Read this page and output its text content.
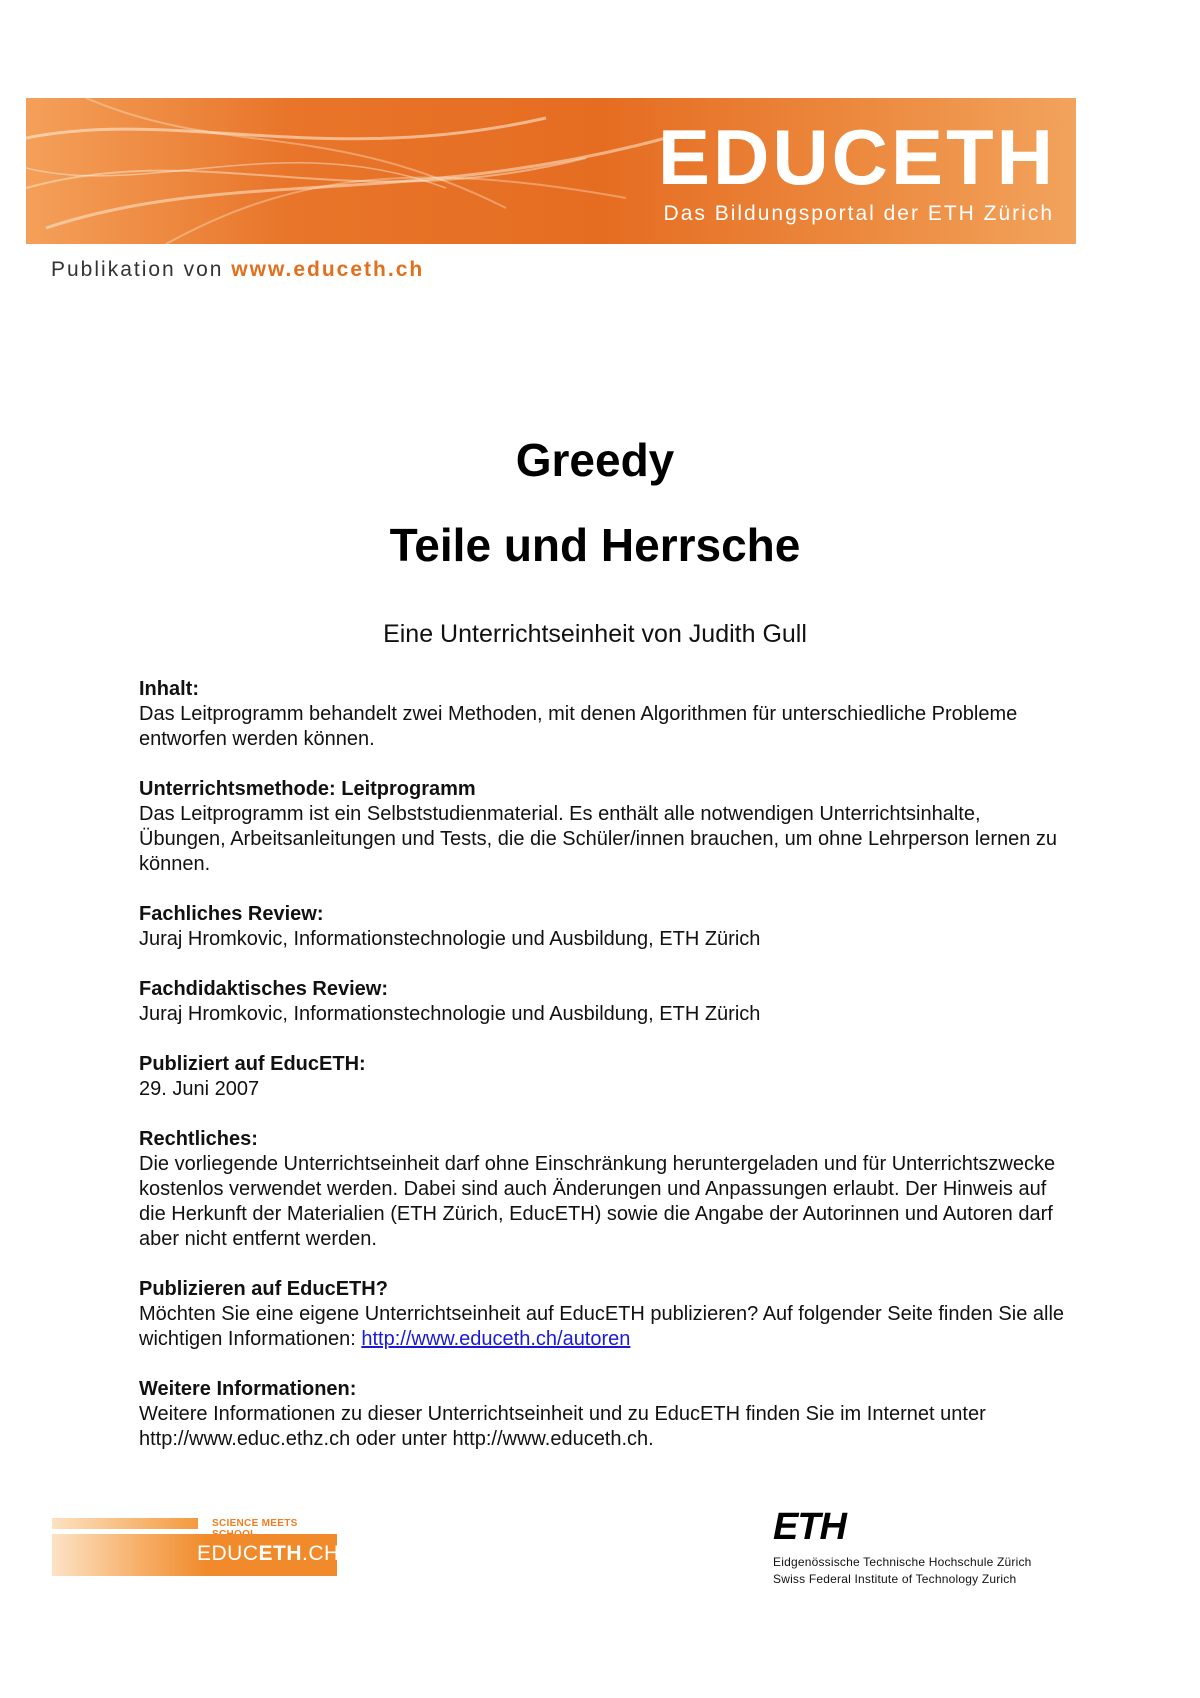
EDUCETH
Das Bildungsportal der ETH Zürich
Publikation von www.educeth.ch
Greedy
Teile und Herrsche
Eine Unterrichtseinheit von Judith Gull
Inhalt:

Das Leitprogramm behandelt zwei Methoden, mit denen Algorithmen für unterschiedliche Probleme entworfen werden können.

Unterrichtsmethode: Leitprogramm

Das Leitprogramm ist ein Selbststudienmaterial. Es enthält alle notwendigen Unterrichtsinhalte, Übungen, Arbeitsanleitungen und Tests, die die Schüler/innen brauchen, um ohne Lehrperson lernen zu können.

Fachliches Review:

Juraj Hromkovic, Informationstechnologie und Ausbildung, ETH Zürich

Fachdidaktisches Review:

Juraj Hromkovic, Informationstechnologie und Ausbildung, ETH Zürich

Publiziert auf EducETH:

29. Juni 2007

Rechtliches:

Die vorliegende Unterrichtseinheit darf ohne Einschränkung heruntergeladen und für Unterrichtszwecke kostenlos verwendet werden. Dabei sind auch Änderungen und Anpassungen erlaubt. Der Hinweis auf die Herkunft der Materialien (ETH Zürich, EducETH) sowie die Angabe der Autorinnen und Autoren darf aber nicht entfernt werden.

Publizieren auf EducETH?

Möchten Sie eine eigene Unterrichtseinheit auf EducETH publizieren? Auf folgender Seite finden Sie alle wichtigen Informationen: http://www.educeth.ch/autoren

Weitere Informationen:

Weitere Informationen zu dieser Unterrichtseinheit und zu EducETH finden Sie im Internet unter http://www.educ.ethz.ch oder unter http://www.educeth.ch.

SCIENCE MEETS
EDUCETH.CH
ETH
Eidgenössische Technische Hochschule Zürich
Swiss Federal Institute of Technology Zurich
